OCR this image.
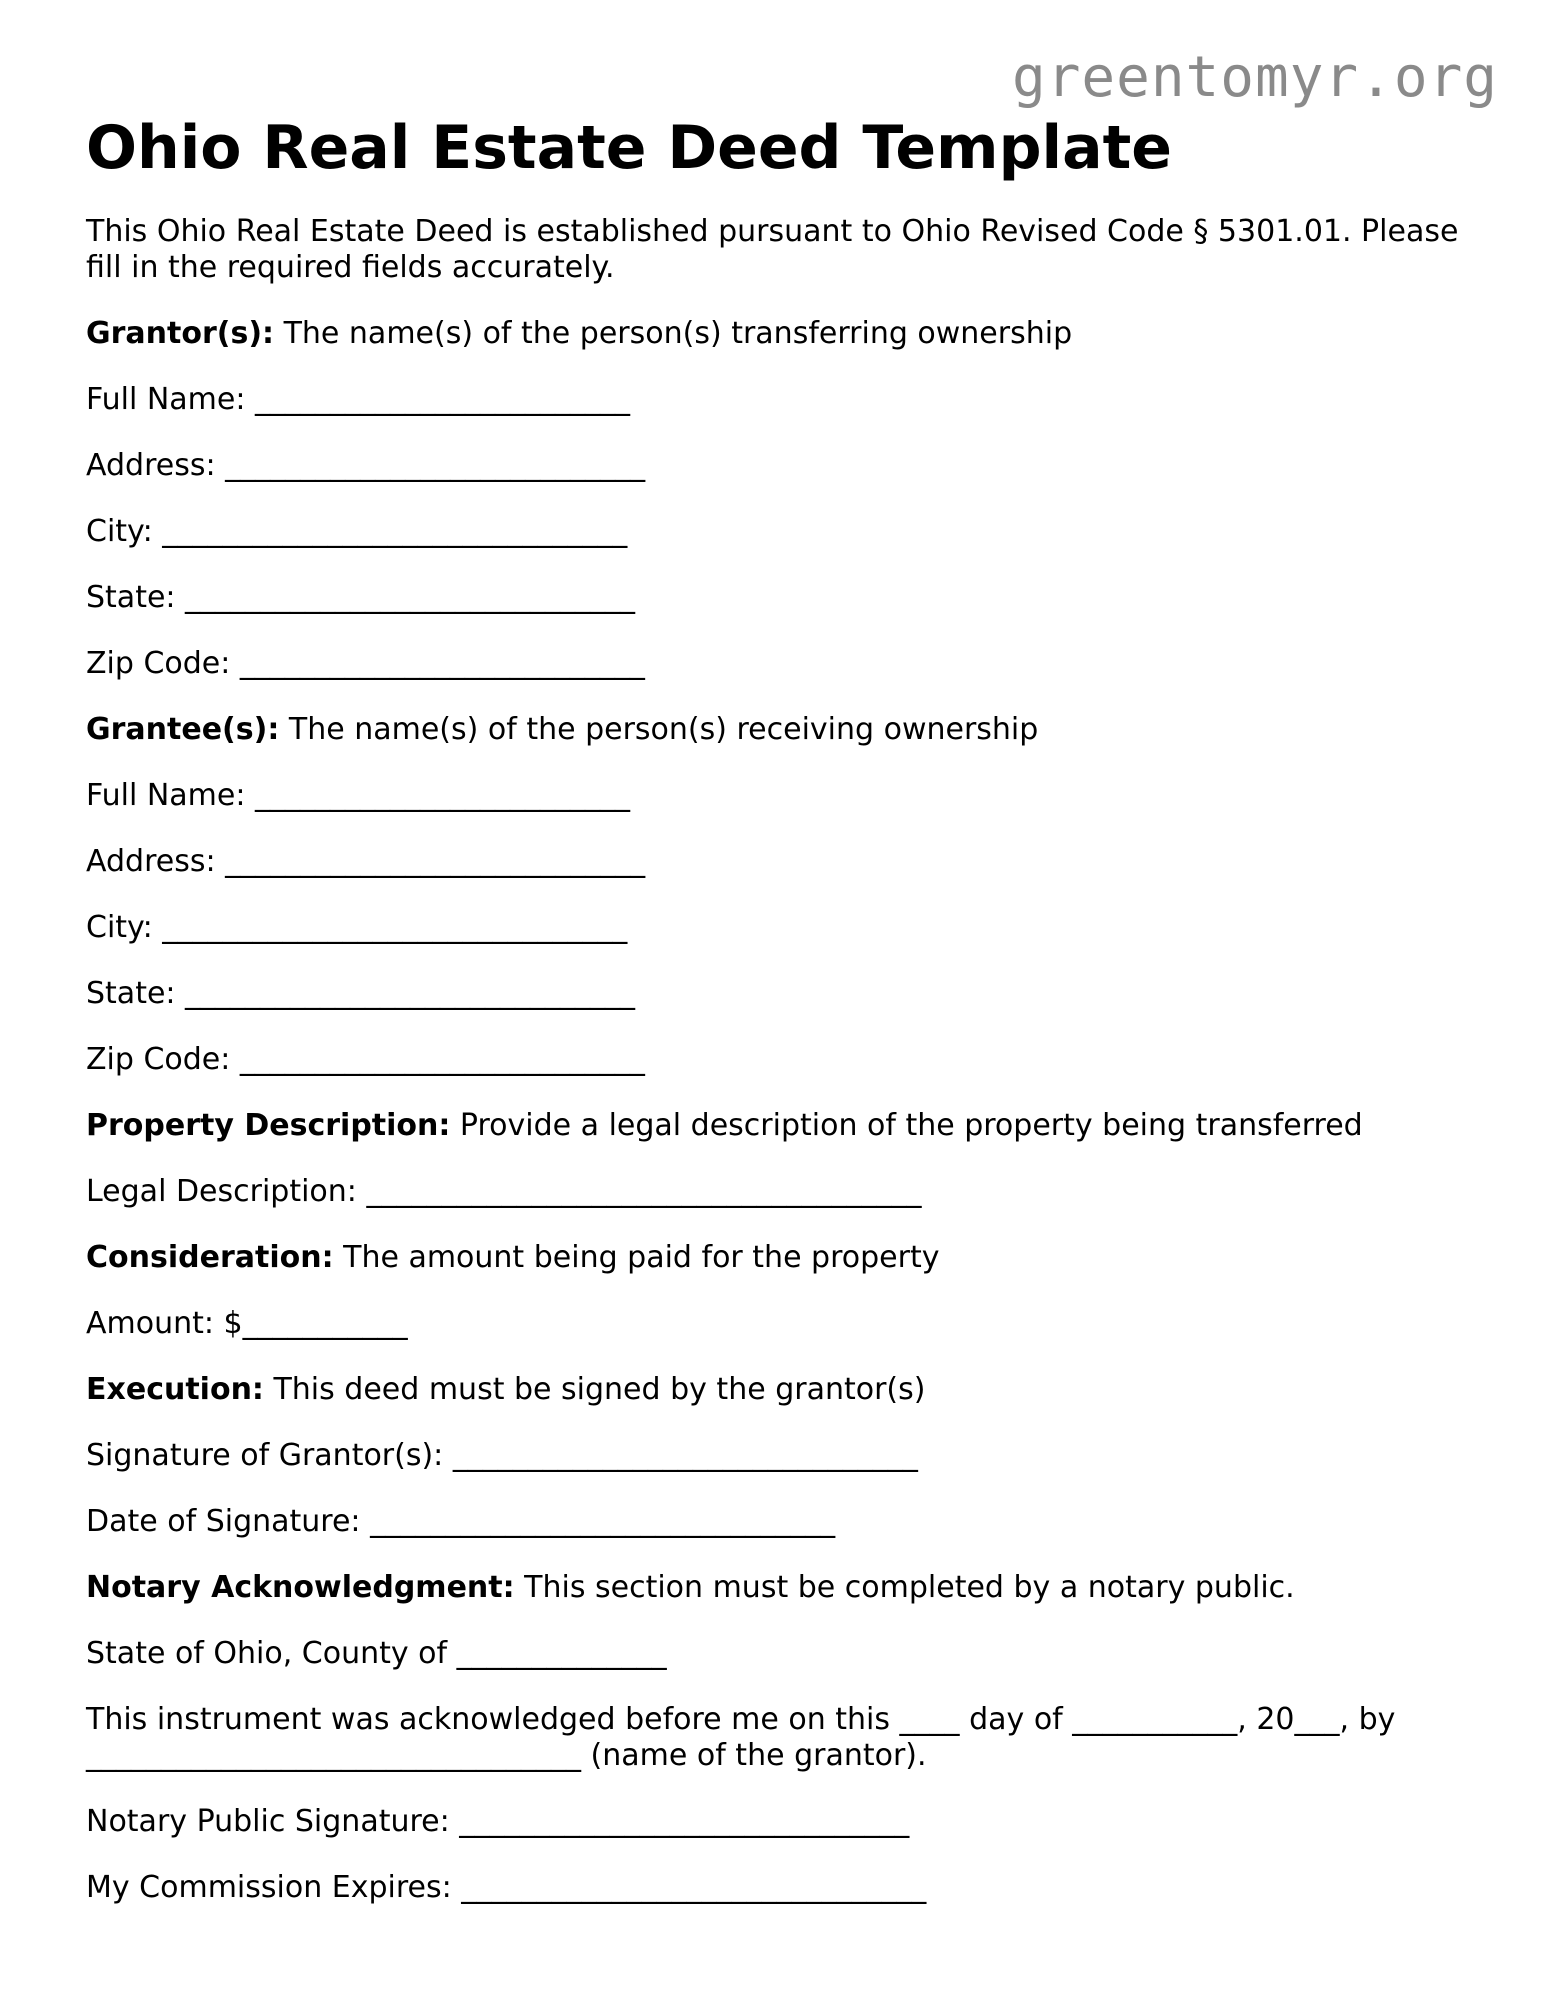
greentomyr.org
Ohio Real Estate Deed Template

This Ohio Real Estate Deed is established pursuant to Ohio Revised Code § 5301.01. Please fill in the required fields accurately.

Grantor(s): The name(s) of the person(s) transferring ownership
Full Name: _________________________
Address: ____________________________
City: _______________________________
State: ______________________________
Zip Code: ___________________________
Grantee(s): The name(s) of the person(s) receiving ownership
Full Name: _________________________
Address: ____________________________
City: _______________________________
State: ______________________________
Zip Code: ___________________________
Property Description: Provide a legal description of the property being transferred
Legal Description: _____________________________________
Consideration: The amount being paid for the property
Amount: $___________
Execution: This deed must be signed by the grantor(s)
Signature of Grantor(s): _______________________________
Date of Signature: _______________________________
Notary Acknowledgment: This section must be completed by a notary public.
State of Ohio, County of ______________
This instrument was acknowledged before me on this ____ day of ___________, 20___, by
_________________________________ (name of the grantor).
Notary Public Signature: ______________________________
My Commission Expires: _______________________________
